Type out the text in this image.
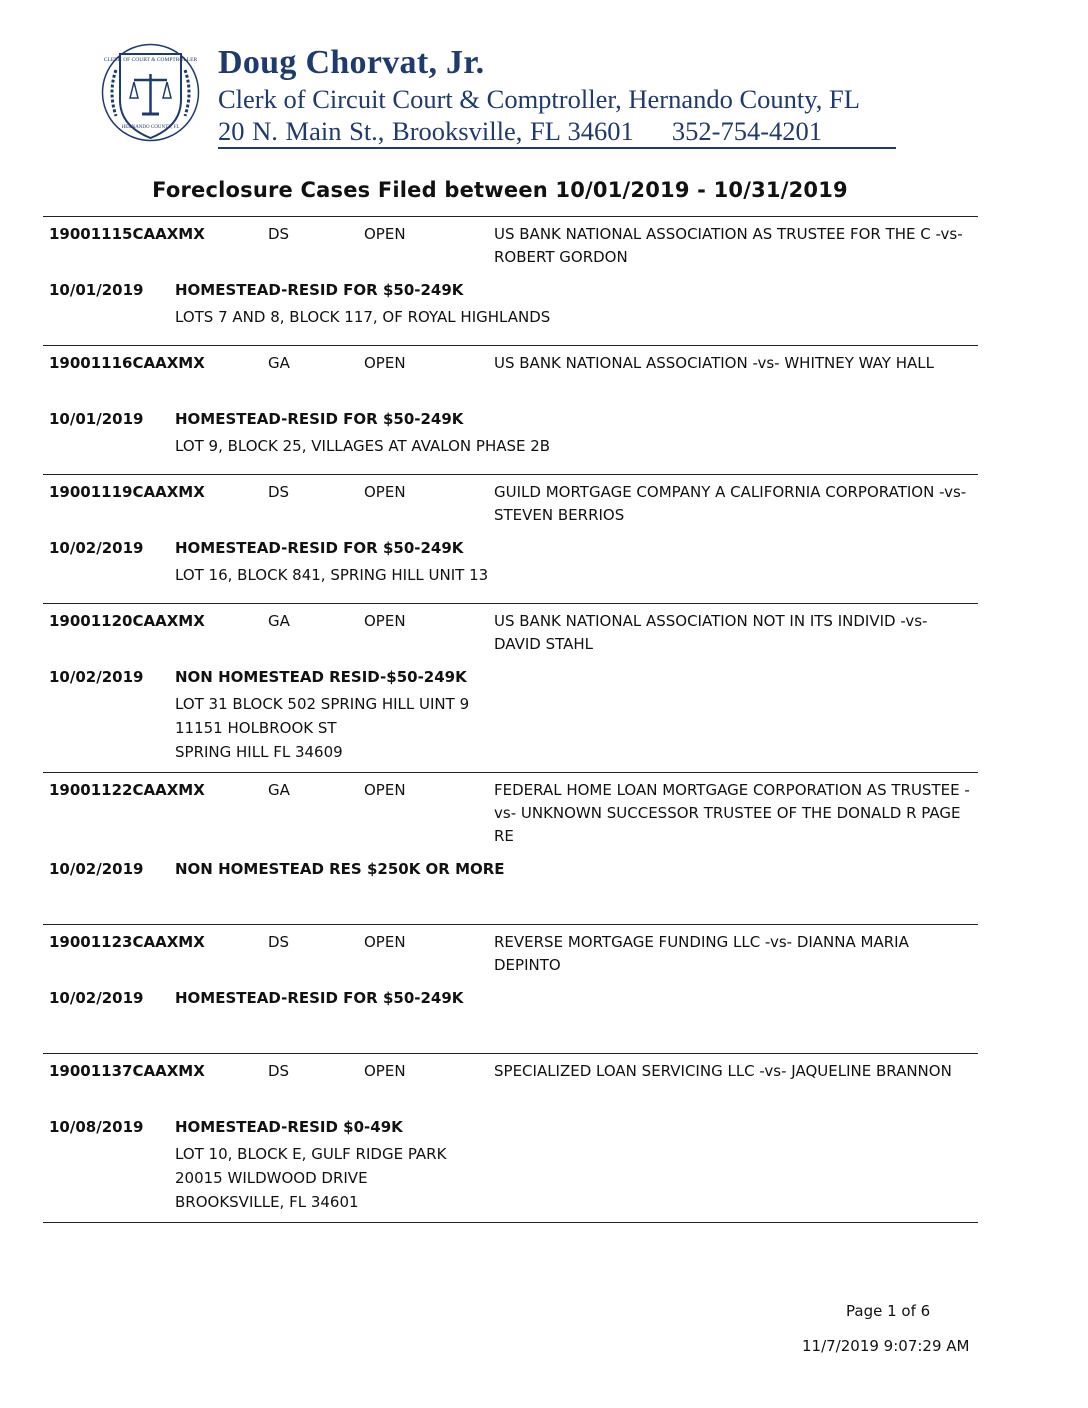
CLERK OF COURT & COMPTROLLER
HERNANDO COUNTY, FL
Doug Chorvat, Jr.
Clerk of Circuit Court & Comptroller, Hernando County, FL
20 N. Main St., Brooksville, FL 34601 352-754-4201
Foreclosure Cases Filed between 10/01/2019 - 10/31/2019
19001115CAAXMX	DS	OPEN	US BANK NATIONAL ASSOCIATION AS TRUSTEE FOR THE C -vs- ROBERT GORDON
10/01/2019 HOMESTEAD-RESID FOR $50-249K
LOTS 7 AND 8, BLOCK 117, OF ROYAL HIGHLANDS
19001116CAAXMX	GA	OPEN	US BANK NATIONAL ASSOCIATION -vs- WHITNEY WAY HALL
10/01/2019 HOMESTEAD-RESID FOR $50-249K
LOT 9, BLOCK 25, VILLAGES AT AVALON PHASE 2B
19001119CAAXMX	DS	OPEN	GUILD MORTGAGE COMPANY A CALIFORNIA CORPORATION -vs- STEVEN BERRIOS
10/02/2019 HOMESTEAD-RESID FOR $50-249K
LOT 16, BLOCK 841, SPRING HILL UNIT 13
19001120CAAXMX	GA	OPEN	US BANK NATIONAL ASSOCIATION NOT IN ITS INDIVID -vs- DAVID STAHL
10/02/2019 NON HOMESTEAD RESID-$50-249K
LOT 31 BLOCK 502 SPRING HILL UINT 9
11151 HOLBROOK ST
SPRING HILL FL 34609
19001122CAAXMX	GA	OPEN	FEDERAL HOME LOAN MORTGAGE CORPORATION AS TRUSTEE -vs- UNKNOWN SUCCESSOR TRUSTEE OF THE DONALD R PAGE RE
10/02/2019 NON HOMESTEAD RES $250K OR MORE
19001123CAAXMX	DS	OPEN	REVERSE MORTGAGE FUNDING LLC -vs- DIANNA MARIA DEPINTO
10/02/2019 HOMESTEAD-RESID FOR $50-249K
19001137CAAXMX	DS	OPEN	SPECIALIZED LOAN SERVICING LLC -vs- JAQUELINE BRANNON
10/08/2019 HOMESTEAD-RESID $0-49K
LOT 10, BLOCK E, GULF RIDGE PARK
20015 WILDWOOD DRIVE
BROOKSVILLE, FL 34601
Page 1 of 6
11/7/2019 9:07:29 AM
